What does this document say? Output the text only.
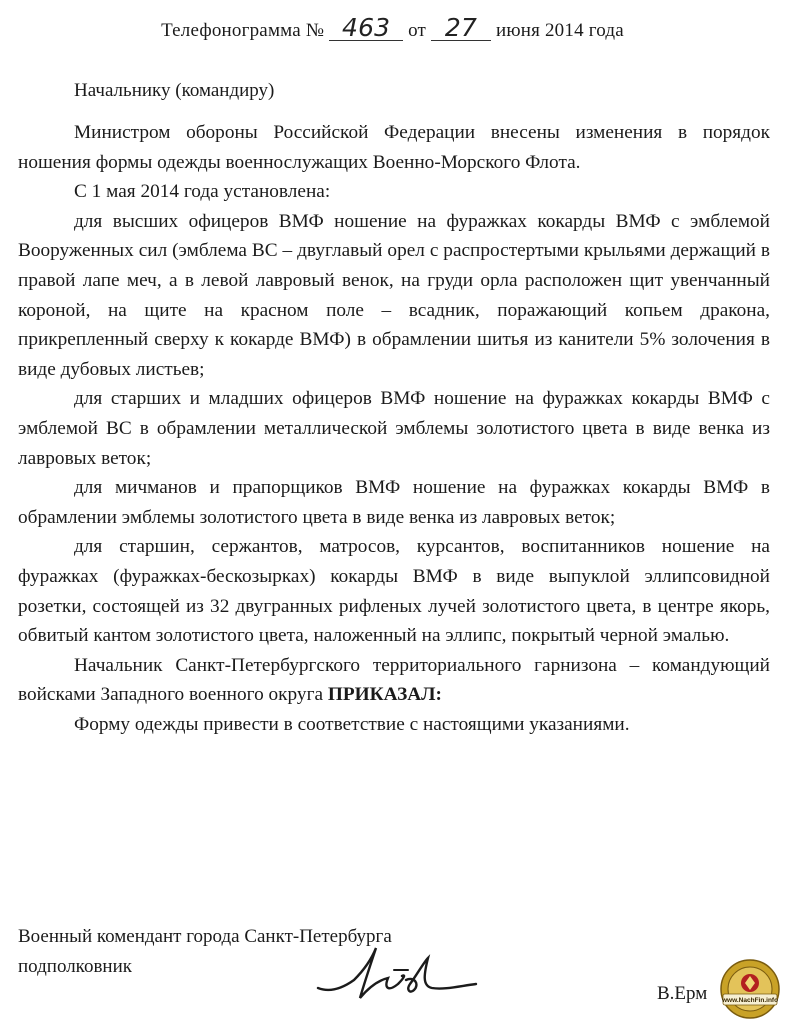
Телефонограмма № 463 от 27 июня 2014 года
Начальнику (командиру)

Министром обороны Российской Федерации внесены изменения в порядок ношения формы одежды военнослужащих Военно-Морского Флота.

С 1 мая 2014 года установлена:

для высших офицеров ВМФ ношение на фуражках кокарды ВМФ с эмблемой Вооруженных сил (эмблема ВС – двуглавый орел с распростертыми крыльями держащий в правой лапе меч, а в левой лавровый венок, на груди орла расположен щит увенчанный короной, на щите на красном поле – всадник, поражающий копьем дракона, прикрепленный сверху к кокарде ВМФ) в обрамлении шитья из канители 5% золочения в виде дубовых листьев;

для старших и младших офицеров ВМФ ношение на фуражках кокарды ВМФ с эмблемой ВС в обрамлении металлической эмблемы золотистого цвета в виде венка из лавровых веток;

для мичманов и прапорщиков ВМФ ношение на фуражках кокарды ВМФ в обрамлении эмблемы золотистого цвета в виде венка из лавровых веток;

для старшин, сержантов, матросов, курсантов, воспитанников ношение на фуражках (фуражках-бескозырках) кокарды ВМФ в виде выпуклой эллипсовидной розетки, состоящей из 32 двугранных рифленых лучей золотистого цвета, в центре якорь, обвитый кантом золотистого цвета, наложенный на эллипс, покрытый черной эмалью.

Начальник Санкт-Петербургского территориального гарнизона – командующий войсками Западного военного округа ПРИКАЗАЛ:

Форму одежды привести в соответствие с настоящими указаниями.

Военный комендант города Санкт-Петербурга
подполковник
В.Ерм www.NachFin.info
